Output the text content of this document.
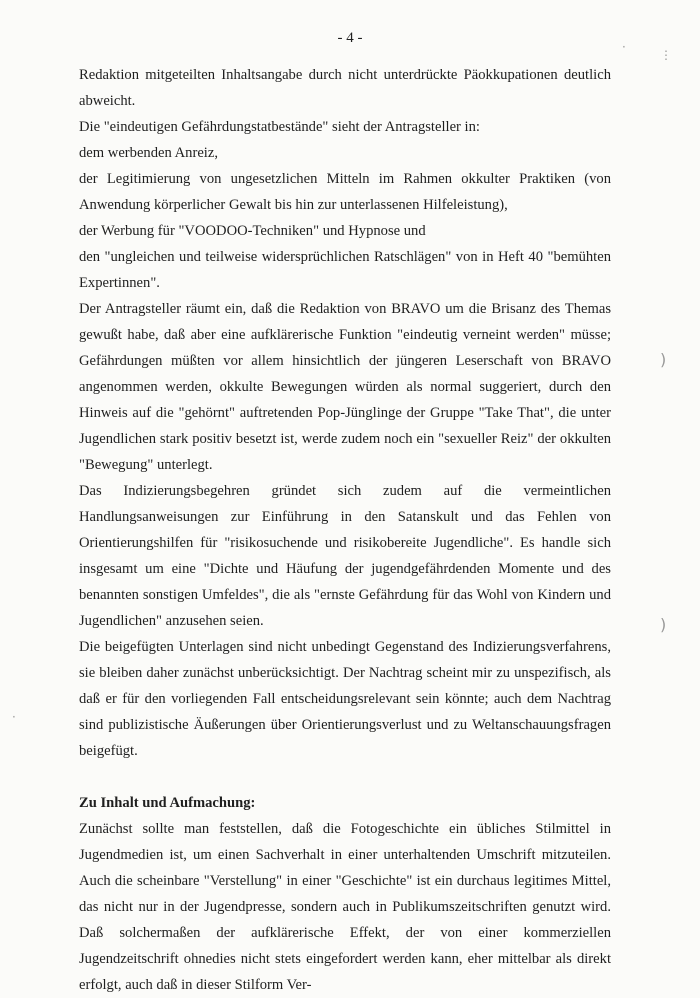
- 4 -

Redaktion mitgeteilten Inhaltsangabe durch nicht unterdrückte Päokkupationen deutlich abweicht.

Die "eindeutigen Gefährdungstatbestände" sieht der Antragsteller in:

dem werbenden Anreiz,

der Legitimierung von ungesetzlichen Mitteln im Rahmen okkulter Praktiken (von Anwendung körperlicher Gewalt bis hin zur unterlassenen Hilfeleistung),

der Werbung für "VOODOO-Techniken" und Hypnose und

den "ungleichen und teilweise widersprüchlichen Ratschlägen" von in Heft 40 "bemühten Expertinnen".

Der Antragsteller räumt ein, daß die Redaktion von BRAVO um die Brisanz des Themas gewußt habe, daß aber eine aufklärerische Funktion "eindeutig verneint werden" müsse; Gefährdungen müßten vor allem hinsichtlich der jüngeren Leserschaft von BRAVO angenommen werden, okkulte Bewegungen würden als normal suggeriert, durch den Hinweis auf die "gehörnt" auftretenden Pop-Jünglinge der Gruppe "Take That", die unter Jugendlichen stark positiv besetzt ist, werde zudem noch ein "sexueller Reiz" der okkulten "Bewegung" unterlegt.

Das Indizierungsbegehren gründet sich zudem auf die vermeintlichen Handlungsanweisungen zur Einführung in den Satanskult und das Fehlen von Orientierungshilfen für "risikosuchende und risikobereite Jugendliche". Es handle sich insgesamt um eine "Dichte und Häufung der jugendgefährdenden Momente und des benannten sonstigen Umfeldes", die als "ernste Gefährdung für das Wohl von Kindern und Jugendlichen" anzusehen seien.

Die beigefügten Unterlagen sind nicht unbedingt Gegenstand des Indizierungsverfahrens, sie bleiben daher zunächst unberücksichtigt. Der Nachtrag scheint mir zu unspezifisch, als daß er für den vorliegenden Fall entscheidungsrelevant sein könnte; auch dem Nachtrag sind publizistische Äußerungen über Orientierungsverlust und zu Weltanschauungsfragen beigefügt.

Zu Inhalt und Aufmachung:

Zunächst sollte man feststellen, daß die Fotogeschichte ein übliches Stilmittel in Jugendmedien ist, um einen Sachverhalt in einer unterhaltenden Umschrift mitzuteilen. Auch die scheinbare "Verstellung" in einer "Geschichte" ist ein durchaus legitimes Mittel, das nicht nur in der Jugendpresse, sondern auch in Publikumszeitschriften genutzt wird. Daß solchermaßen der aufklärerische Effekt, der von einer kommerziellen Jugendzeitschrift ohnedies nicht stets eingefordert werden kann, eher mittelbar als direkt erfolgt, auch daß in dieser Stilform Ver-

·
⋮
)
)
·
